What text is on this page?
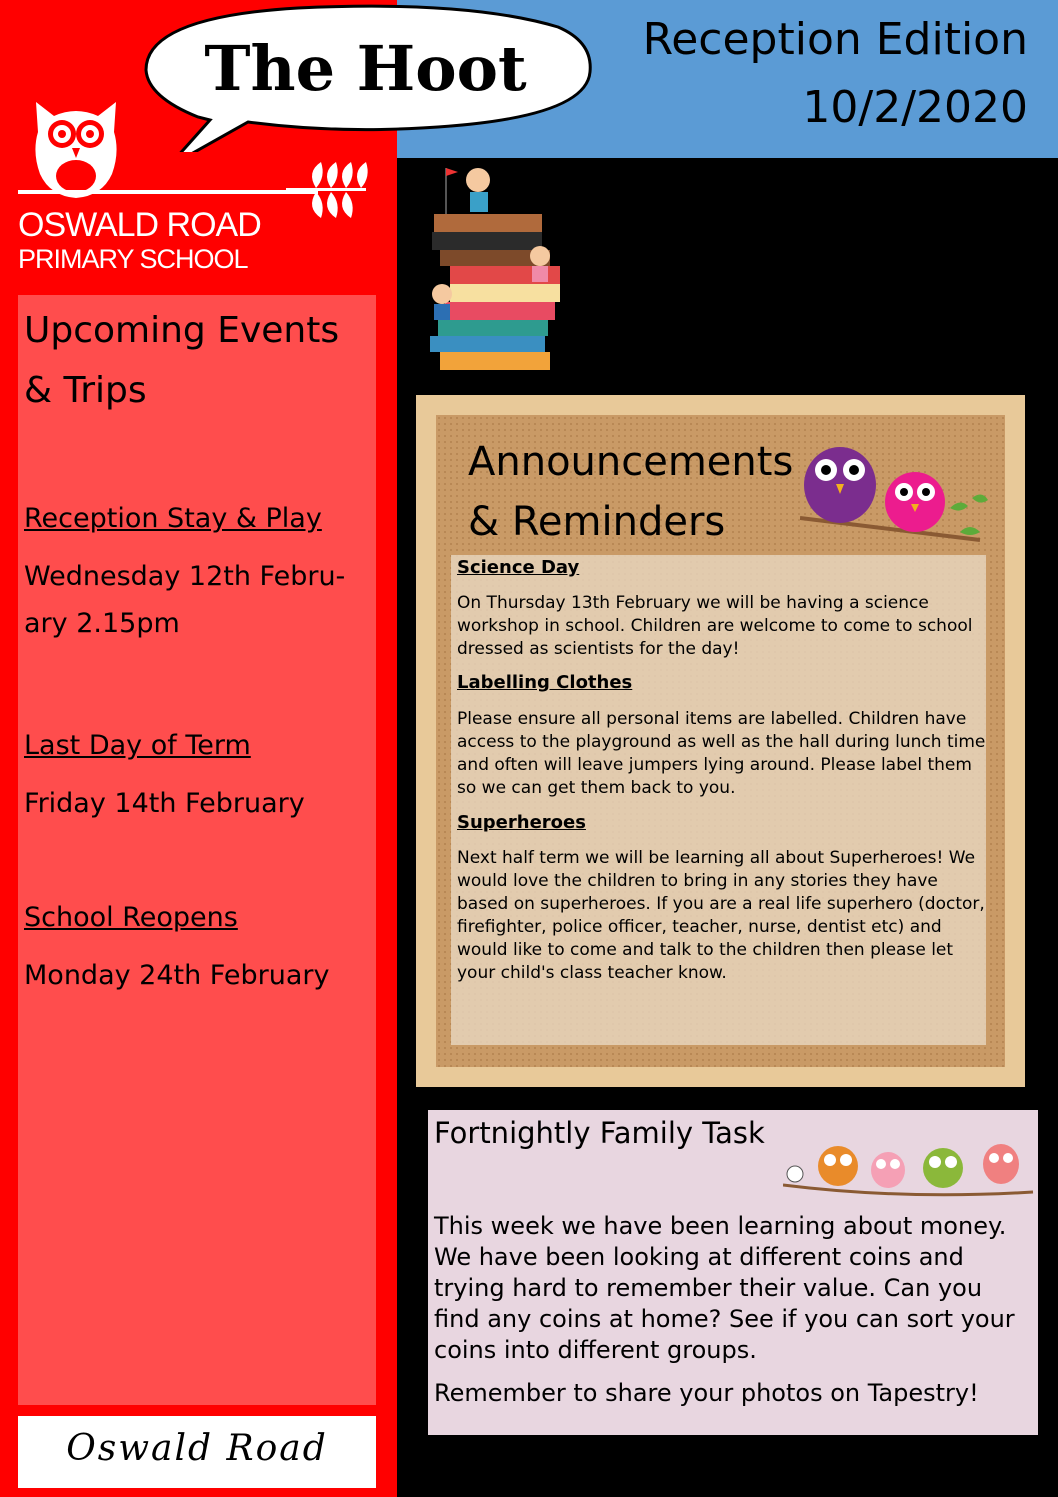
Reception Edition
10/2/2020
The Hoot
OSWALD ROAD
PRIMARY SCHOOL
Upcoming Events & Trips
Reception Stay & Play
Wednesday 12th Febru-ary 2.15pm
Last Day of Term
Friday 14th February
School Reopens
Monday 24th February
Oswald Road
Announcements & Reminders
Science Day
On Thursday 13th February we will be having a science workshop in school. Children are welcome to come to school dressed as scientists for the day!
Labelling Clothes
Please ensure all personal items are labelled. Children have access to the playground as well as the hall during lunch time and often will leave jumpers lying around. Please label them so we can get them back to you.
Superheroes
Next half term we will be learning all about Superheroes! We would love the children to bring in any stories they have based on superheroes. If you are a real life superhero (doctor, firefighter, police officer, teacher, nurse, dentist etc) and would like to come and talk to the children then please let your child's class teacher know.
Fortnightly Family Task
This week we have been learning about money. We have been looking at different coins and trying hard to remember their value. Can you find any coins at home? See if you can sort your coins into different groups.
Remember to share your photos on Tapestry!
